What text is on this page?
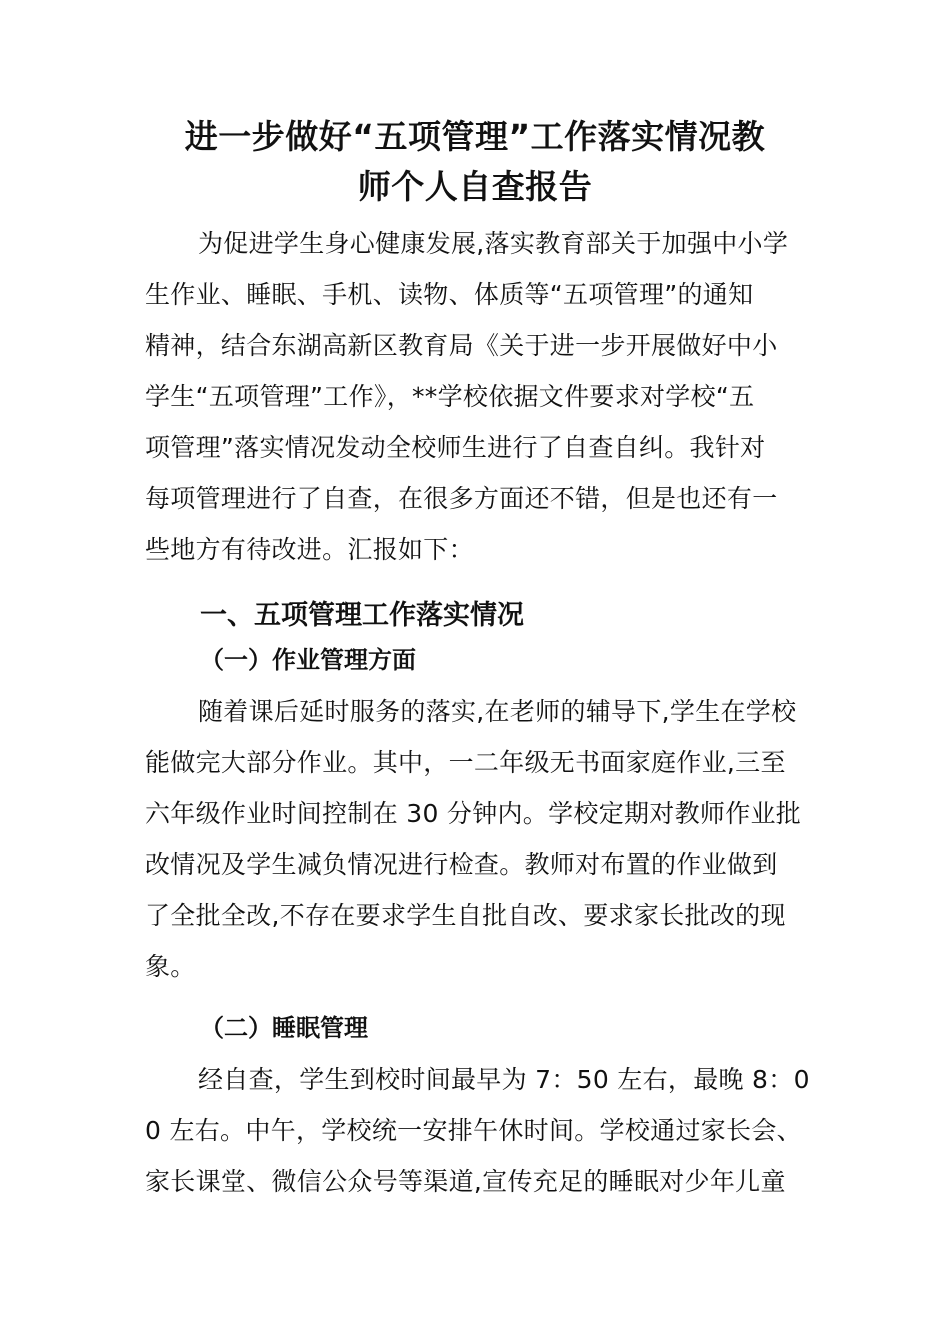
进一步做好“五项管理”工作落实情况教
师个人自查报告
为促进学生身心健康发展,落实教育部关于加强中小学
生作业、睡眠、手机、读物、体质等“五项管理”的通知
精神，结合东湖高新区教育局《关于进一步开展做好中小
学生“五项管理”工作》，**学校依据文件要求对学校“五
项管理”落实情况发动全校师生进行了自查自纠。我针对
每项管理进行了自查，在很多方面还不错，但是也还有一
些地方有待改进。汇报如下：
一、五项管理工作落实情况
（一）作业管理方面
随着课后延时服务的落实,在老师的辅导下,学生在学校
能做完大部分作业。其中，一二年级无书面家庭作业,三至
六年级作业时间控制在 30 分钟内。学校定期对教师作业批
改情况及学生减负情况进行检查。教师对布置的作业做到
了全批全改,不存在要求学生自批自改、要求家长批改的现
象。
（二）睡眠管理
经自查，学生到校时间最早为 7：50 左右，最晚 8：0
0 左右。中午，学校统一安排午休时间。学校通过家长会、
家长课堂、微信公众号等渠道,宣传充足的睡眠对少年儿童
